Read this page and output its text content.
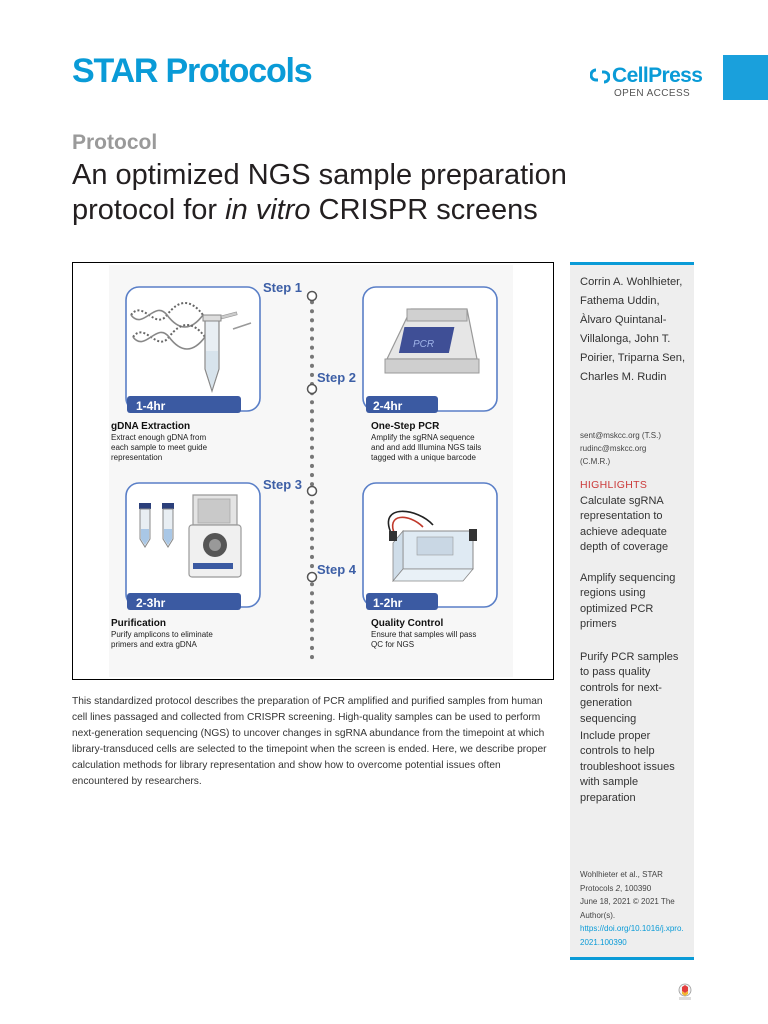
STAR Protocols	CellPress
OPEN ACCESS
Protocol
An optimized NGS sample preparation protocol for in vitro CRISPR screens
Step 1
Step 2
Step 3
Step 4
1-4hr
gDNA Extraction
Extract enough gDNA from
each sample to meet guide
representation
2-4hr
PCR
One-Step PCR
Amplify the sgRNA sequence
and and add Illumina NGS tails
tagged with a unique barcode
2-3hr
Purification
Purify amplicons to eliminate
primers and extra gDNA
1-2hr
Quality Control
Ensure that samples will pass
QC for NGS
Corrin A. Wohlhieter, Fathema Uddin, Àlvaro Quintanal-Villalonga, John T. Poirier, Triparna Sen, Charles M. Rudin
sent@mskcc.org (T.S.)
rudinc@mskcc.org
(C.M.R.)
HIGHLIGHTS
Calculate sgRNA representation to achieve adequate depth of coverage
Amplify sequencing regions using optimized PCR primers
Purify PCR samples to pass quality controls for next-generation sequencing
Include proper controls to help troubleshoot issues with sample preparation
Wohlhieter et al., STAR Protocols 2, 100390
June 18, 2021 © 2021 The Author(s).
https://doi.org/10.1016/j.xpro.2021.100390
This standardized protocol describes the preparation of PCR amplified and purified samples from human cell lines passaged and collected from CRISPR screening. High-quality samples can be used to perform next-generation sequencing (NGS) to uncover changes in sgRNA abundance from the timepoint at which library-transduced cells are selected to the timepoint when the screen is ended. Here, we describe proper calculation methods for library representation and show how to overcome potential issues often encountered by researchers.
